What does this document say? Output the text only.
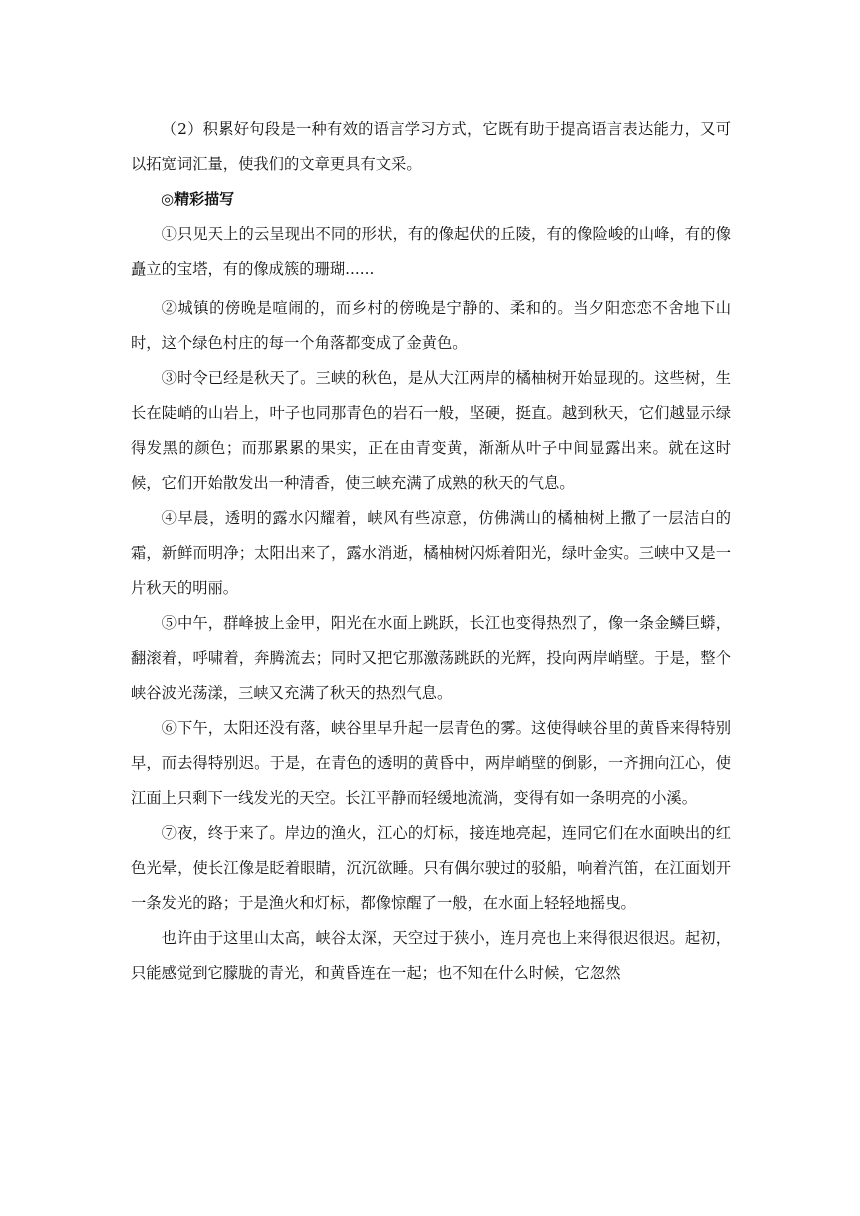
（2）积累好句段是一种有效的语言学习方式，它既有助于提高语言表达能力，又可以拓宽词汇量，使我们的文章更具有文采。

◎精彩描写

①只见天上的云呈现出不同的形状，有的像起伏的丘陵，有的像险峻的山峰，有的像矗立的宝塔，有的像成簇的珊瑚......

②城镇的傍晚是喧闹的，而乡村的傍晚是宁静的、柔和的。当夕阳恋恋不舍地下山时，这个绿色村庄的每一个角落都变成了金黄色。

③时令已经是秋天了。三峡的秋色，是从大江两岸的橘柚树开始显现的。这些树，生长在陡峭的山岩上，叶子也同那青色的岩石一般，坚硬，挺直。越到秋天，它们越显示绿得发黑的颜色；而那累累的果实，正在由青变黄，渐渐从叶子中间显露出来。就在这时候，它们开始散发出一种清香，使三峡充满了成熟的秋天的气息。

④早晨，透明的露水闪耀着，峡风有些凉意，仿佛满山的橘柚树上撒了一层洁白的霜，新鲜而明净；太阳出来了，露水消逝，橘柚树闪烁着阳光，绿叶金实。三峡中又是一片秋天的明丽。

⑤中午，群峰披上金甲，阳光在水面上跳跃，长江也变得热烈了，像一条金鳞巨蟒，翻滚着，呼啸着，奔腾流去；同时又把它那激荡跳跃的光辉，投向两岸峭壁。于是，整个峡谷波光荡漾，三峡又充满了秋天的热烈气息。

⑥下午，太阳还没有落，峡谷里早升起一层青色的雾。这使得峡谷里的黄昏来得特别早，而去得特别迟。于是，在青色的透明的黄昏中，两岸峭壁的倒影，一齐拥向江心，使江面上只剩下一线发光的天空。长江平静而轻缓地流淌，变得有如一条明亮的小溪。

⑦夜，终于来了。岸边的渔火，江心的灯标，接连地亮起，连同它们在水面映出的红色光晕，使长江像是眨着眼睛，沉沉欲睡。只有偶尔驶过的驳船，响着汽笛，在江面划开一条发光的路；于是渔火和灯标，都像惊醒了一般，在水面上轻轻地摇曳。

也许由于这里山太高，峡谷太深，天空过于狭小，连月亮也上来得很迟很迟。起初，只能感觉到它朦胧的青光，和黄昏连在一起；也不知在什么时候，它忽然
